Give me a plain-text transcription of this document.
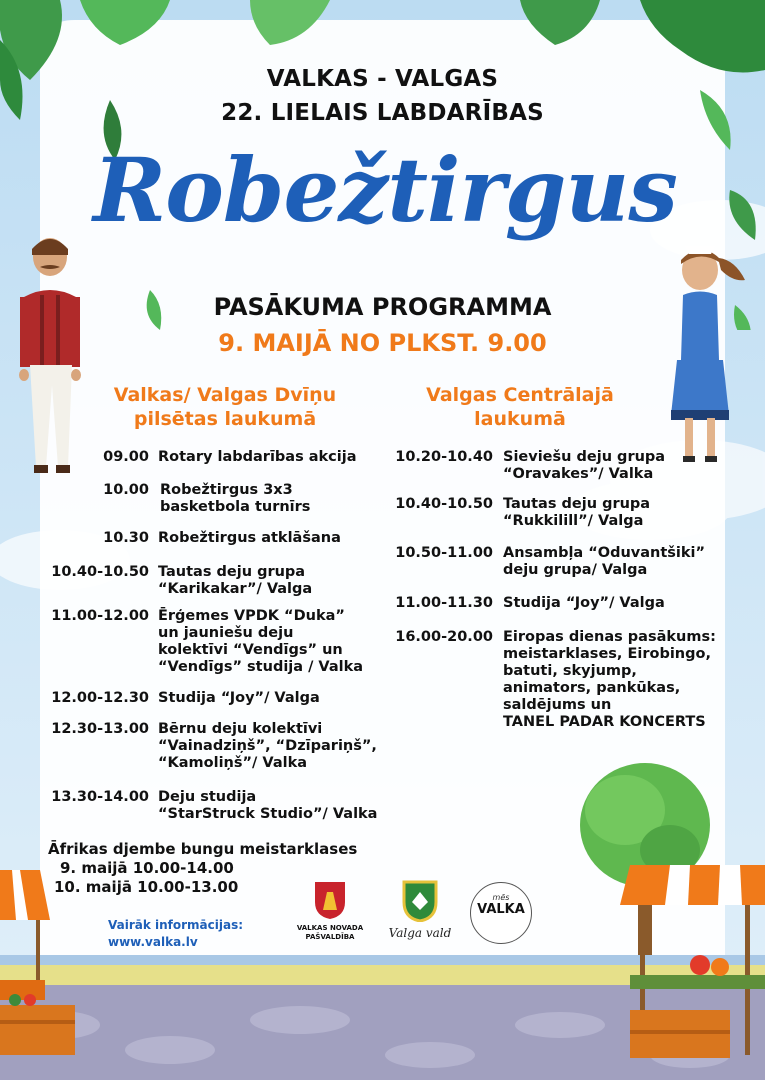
VALKAS - VALGAS
22. LIELAIS LABDARĪBAS
Robežtirgus
PASĀKUMA PROGRAMMA
9. MAIJĀ NO PLKST. 9.00
Valkas/ Valgas Dvīņu
pilsētas laukumā
Valgas Centrālajā
laukumā
09.00 Rotary labdarības akcija
10.00 Robežtirgus 3x3
basketbola turnīrs
10.30 Robežtirgus atklāšana
10.40-10.50 Tautas deju grupa
“Karikakar”/ Valga
11.00-12.00 Ērģemes VPDK “Duka”
un jauniešu deju
kolektīvi “Vendīgs” un
“Vendīgs” studija / Valka
12.00-12.30 Studija “Joy”/ Valga
12.30-13.00 Bērnu deju kolektīvi
“Vainadziņš”, “Dzīpariņš”,
“Kamoliņš”/ Valka
13.30-14.00 Deju studija
“StarStruck Studio”/ Valka
10.20-10.40 Sieviešu deju grupa
“Oravakes”/ Valka
10.40-10.50 Tautas deju grupa
“Rukkilill”/ Valga
10.50-11.00 Ansambļa “Oduvantšiki”
deju grupa/ Valga
11.00-11.30 Studija “Joy”/ Valga
16.00-20.00 Eiropas dienas pasākums:
meistarklases, Eirobingo,
batuti, skyjump,
animators, pankūkas,
saldējums un
TANEL PADAR KONCERTS
Āfrikas djembe bungu meistarklases
9. maijā 10.00-14.00
10. maijā 10.00-13.00
Vairāk informācijas:
www.valka.lv
VALKAS NOVADA
PAŠVALDĪBA	Valga vald
mēs
VALKA
